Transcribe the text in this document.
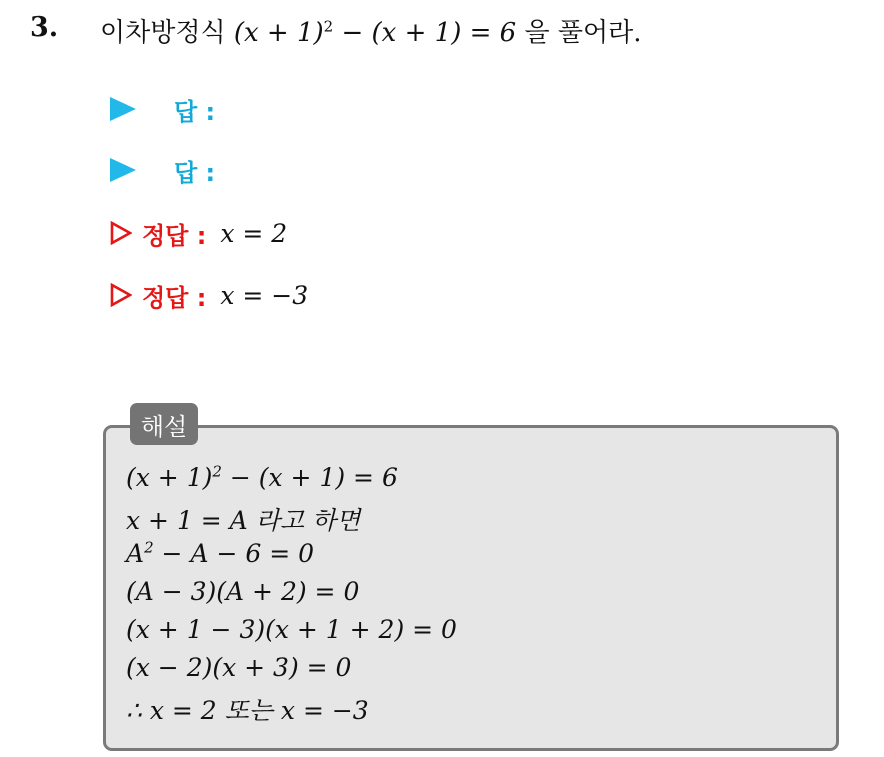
3. 이차방정식 $(x + 1)^2 - (x + 1) = 6$ 을 풀어라.
답 :
답 :
정답 : x = 2
정답 : x = −3
해설
$(x + 1)^2 - (x + 1) = 6$
x + 1 = A 라고 하면
$A^2 - A - 6 = 0$
(A − 3)(A + 2) = 0
(x + 1 − 3)(x + 1 + 2) = 0
(x − 2)(x + 3) = 0
∴ x = 2 또는 x = −3
